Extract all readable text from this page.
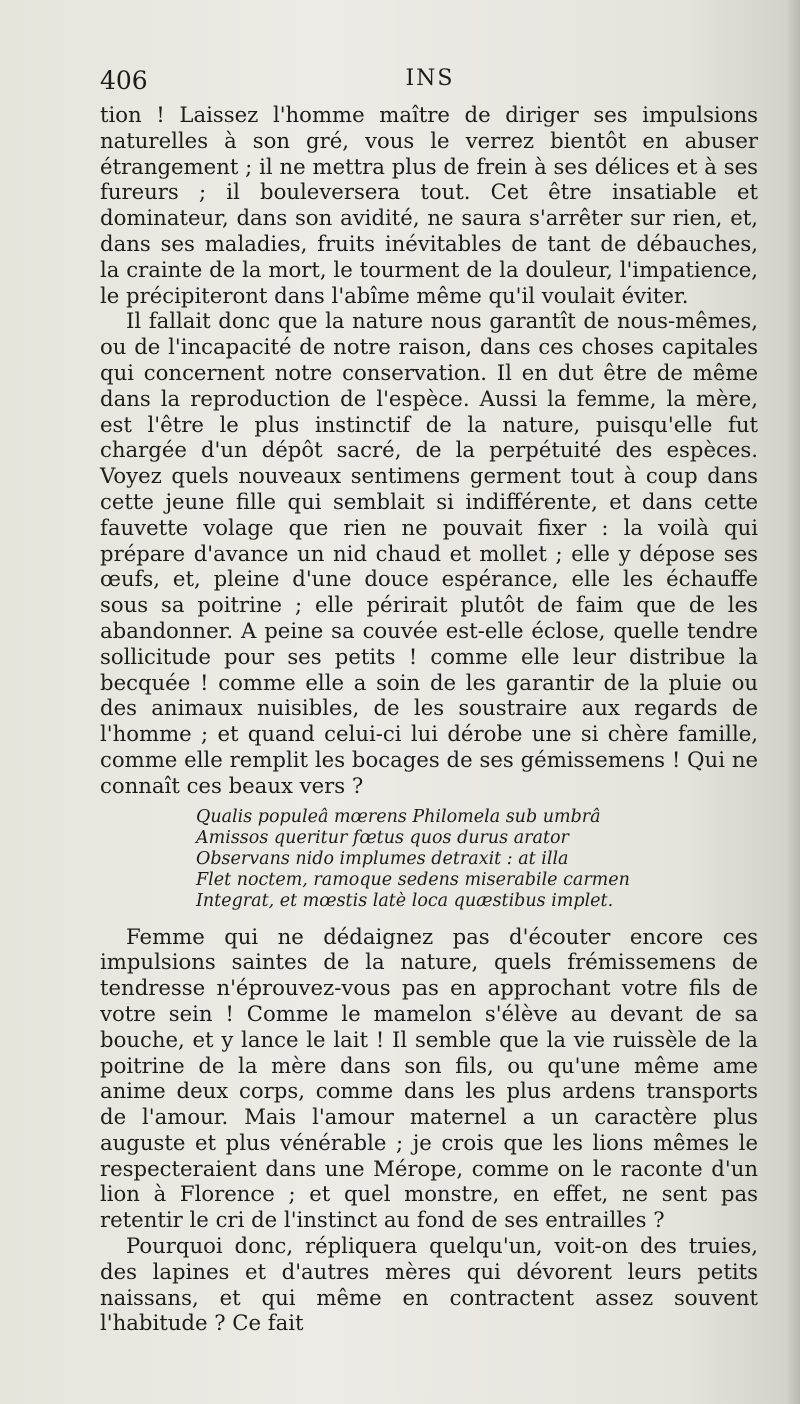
406	INS

tion ! Laissez l'homme maître de diriger ses impulsions naturelles à son gré, vous le verrez bientôt en abuser étrangement ; il ne mettra plus de frein à ses délices et à ses fureurs ; il bouleversera tout. Cet être insatiable et dominateur, dans son avidité, ne saura s'arrêter sur rien, et, dans ses maladies, fruits inévitables de tant de débauches, la crainte de la mort, le tourment de la douleur, l'impatience, le précipiteront dans l'abîme même qu'il voulait éviter.

Il fallait donc que la nature nous garantît de nous-mêmes, ou de l'incapacité de notre raison, dans ces choses capitales qui concernent notre conservation. Il en dut être de même dans la reproduction de l'espèce. Aussi la femme, la mère, est l'être le plus instinctif de la nature, puisqu'elle fut chargée d'un dépôt sacré, de la perpétuité des espèces. Voyez quels nouveaux sentimens germent tout à coup dans cette jeune fille qui semblait si indifférente, et dans cette fauvette volage que rien ne pouvait fixer : la voilà qui prépare d'avance un nid chaud et mollet ; elle y dépose ses œufs, et, pleine d'une douce espérance, elle les échauffe sous sa poitrine ; elle périrait plutôt de faim que de les abandonner. A peine sa couvée est-elle éclose, quelle tendre sollicitude pour ses petits ! comme elle leur distribue la becquée ! comme elle a soin de les garantir de la pluie ou des animaux nuisibles, de les soustraire aux regards de l'homme ; et quand celui-ci lui dérobe une si chère famille, comme elle remplit les bocages de ses gémissemens ! Qui ne connaît ces beaux vers ?

Qualis populeâ mœrens Philomela sub umbrâ
Amissos queritur fœtus quos durus arator
Observans nido implumes detraxit : at illa
Flet noctem, ramoque sedens miserabile carmen
Integrat, et mœstis latè loca quæstibus implet.

Femme qui ne dédaignez pas d'écouter encore ces impulsions saintes de la nature, quels frémissemens de tendresse n'éprouvez-vous pas en approchant votre fils de votre sein ! Comme le mamelon s'élève au devant de sa bouche, et y lance le lait ! Il semble que la vie ruissèle de la poitrine de la mère dans son fils, ou qu'une même ame anime deux corps, comme dans les plus ardens transports de l'amour. Mais l'amour maternel a un caractère plus auguste et plus vénérable ; je crois que les lions mêmes le respecteraient dans une Mérope, comme on le raconte d'un lion à Florence ; et quel monstre, en effet, ne sent pas retentir le cri de l'instinct au fond de ses entrailles ?

Pourquoi donc, répliquera quelqu'un, voit-on des truies, des lapines et d'autres mères qui dévorent leurs petits naissans, et qui même en contractent assez souvent l'habitude ? Ce fait
